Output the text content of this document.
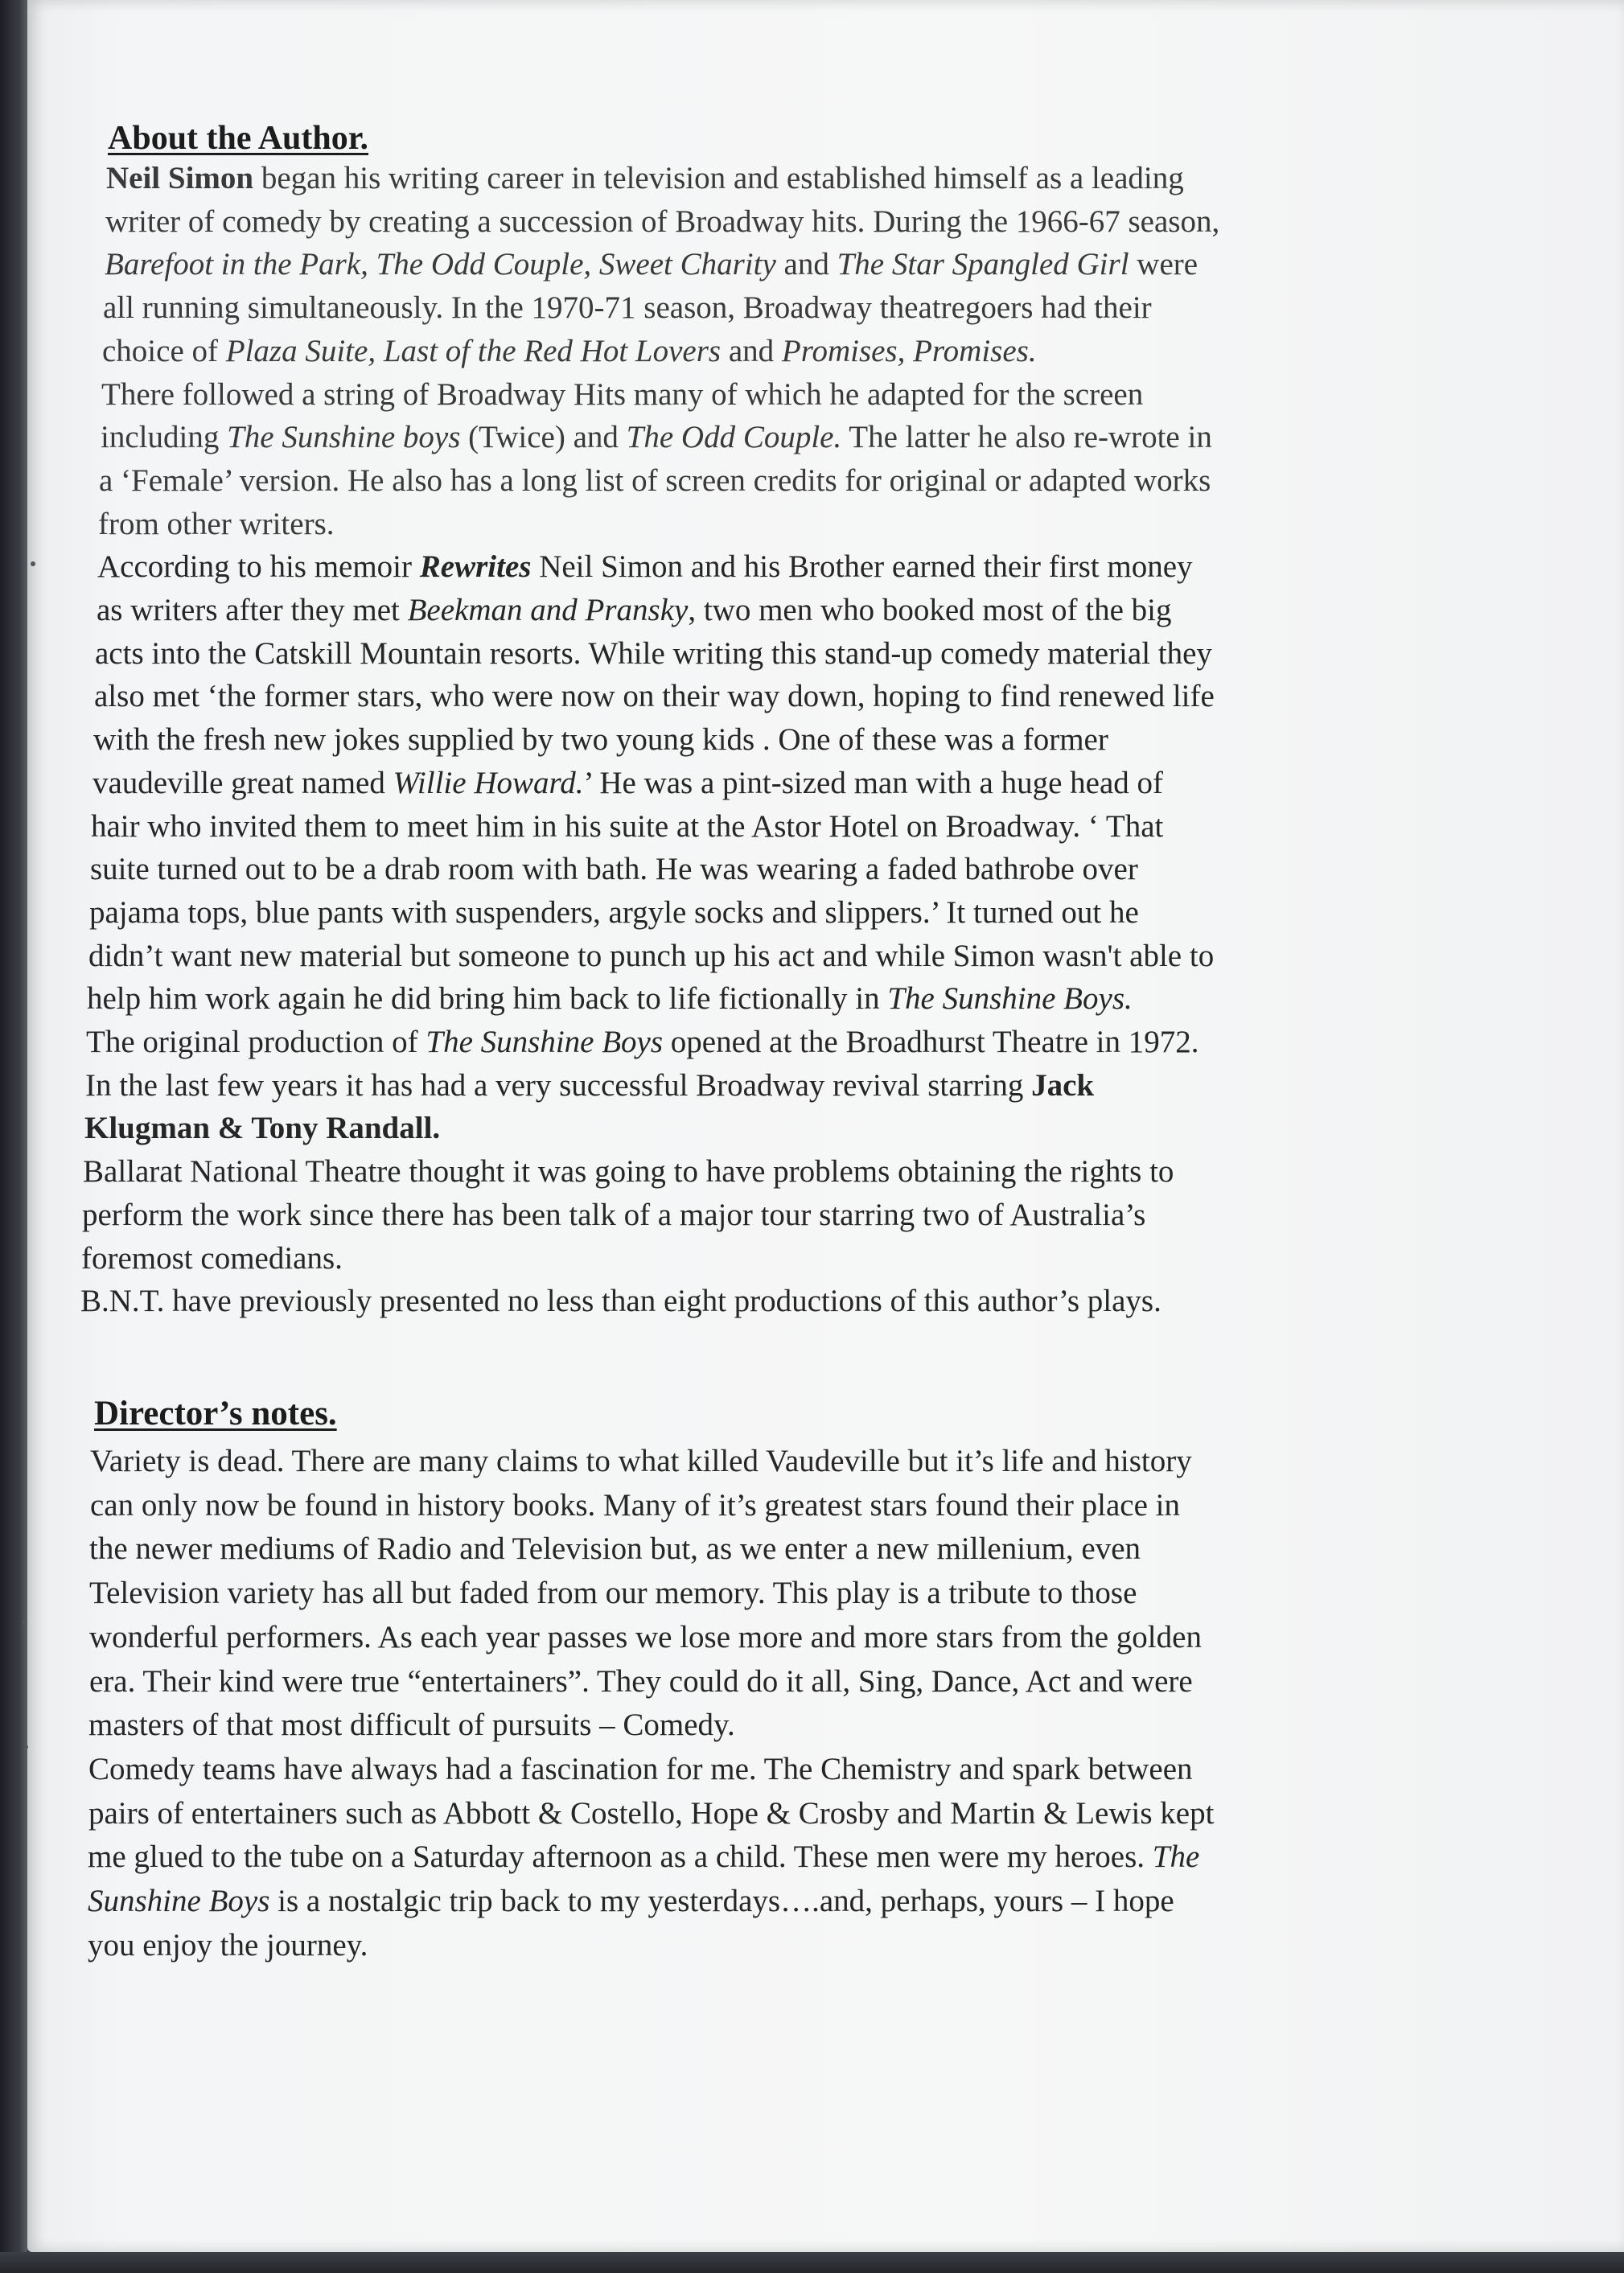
About the Author.

Neil Simon began his writing career in television and established himself as a leading

writer of comedy by creating a succession of Broadway hits. During the 1966-67 season,

Barefoot in the Park, The Odd Couple, Sweet Charity and The Star Spangled Girl were

all running simultaneously. In the 1970-71 season, Broadway theatregoers had their

choice of Plaza Suite, Last of the Red Hot Lovers and Promises, Promises.

There followed a string of Broadway Hits many of which he adapted for the screen

including The Sunshine boys (Twice) and The Odd Couple. The latter he also re-wrote in

a ‘Female’ version. He also has a long list of screen credits for original or adapted works

from other writers.

According to his memoir Rewrites Neil Simon and his Brother earned their first money

as writers after they met Beekman and Pransky, two men who booked most of the big

acts into the Catskill Mountain resorts. While writing this stand-up comedy material they

also met ‘the former stars, who were now on their way down, hoping to find renewed life

with the fresh new jokes supplied by two young kids . One of these was a former

vaudeville great named Willie Howard.’ He was a pint-sized man with a huge head of

hair who invited them to meet him in his suite at the Astor Hotel on Broadway. ‘ That

suite turned out to be a drab room with bath. He was wearing a faded bathrobe over

pajama tops, blue pants with suspenders, argyle socks and slippers.’ It turned out he

didn’t want new material but someone to punch up his act and while Simon wasn't able to

help him work again he did bring him back to life fictionally in The Sunshine Boys.

The original production of The Sunshine Boys opened at the Broadhurst Theatre in 1972.

In the last few years it has had a very successful Broadway revival starring Jack

Klugman & Tony Randall.

Ballarat National Theatre thought it was going to have problems obtaining the rights to

perform the work since there has been talk of a major tour starring two of Australia’s

foremost comedians.

B.N.T. have previously presented no less than eight productions of this author’s plays.

Director’s notes.

Variety is dead. There are many claims to what killed Vaudeville but it’s life and history

can only now be found in history books. Many of it’s greatest stars found their place in

the newer mediums of Radio and Television but, as we enter a new millenium, even

Television variety has all but faded from our memory. This play is a tribute to those

wonderful performers. As each year passes we lose more and more stars from the golden

era. Their kind were true “entertainers”. They could do it all, Sing, Dance, Act and were

masters of that most difficult of pursuits – Comedy.

Comedy teams have always had a fascination for me. The Chemistry and spark between

pairs of entertainers such as Abbott & Costello, Hope & Crosby and Martin & Lewis kept

me glued to the tube on a Saturday afternoon as a child. These men were my heroes. The

Sunshine Boys is a nostalgic trip back to my yesterdays….and, perhaps, yours – I hope

you enjoy the journey.
